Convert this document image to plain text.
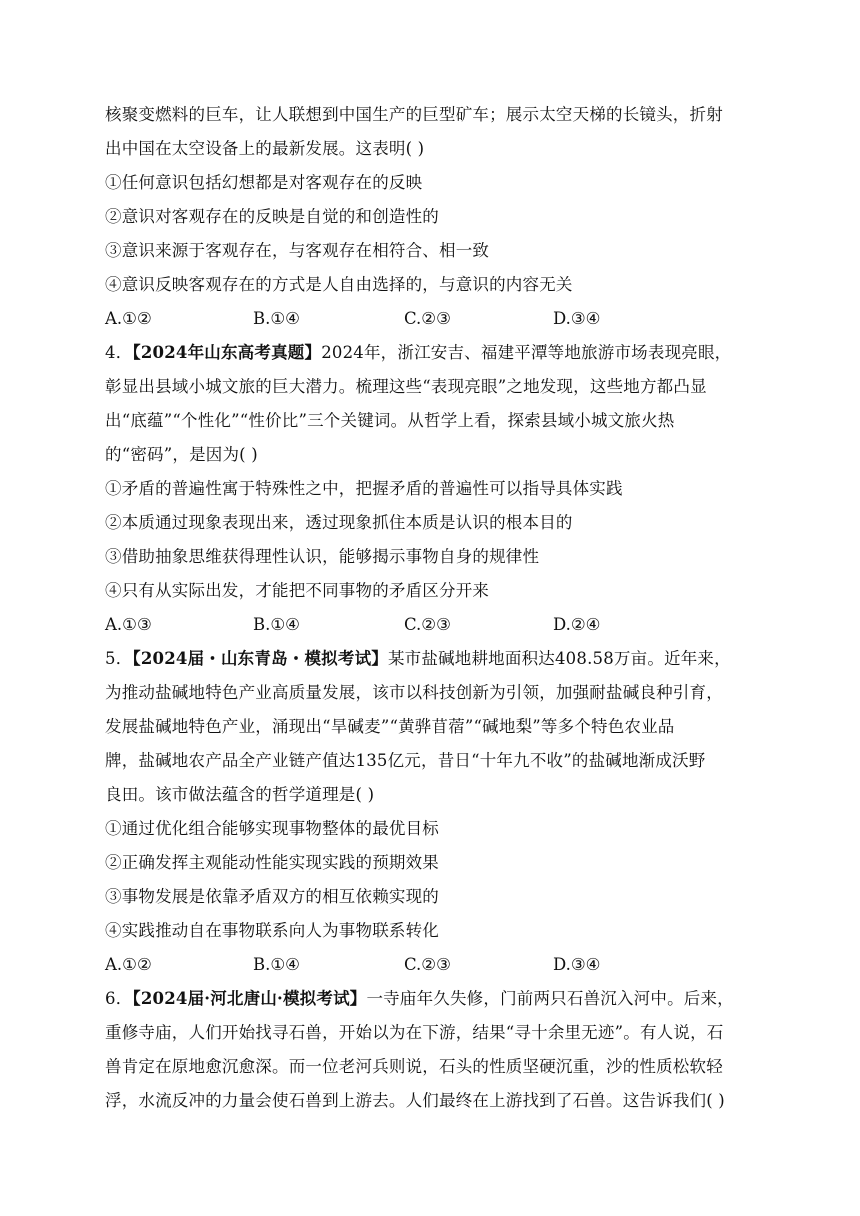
核聚变燃料的巨车，让人联想到中国生产的巨型矿车；展示太空天梯的长镜头，折射
出中国在太空设备上的最新发展。这表明( )
①任何意识包括幻想都是对客观存在的反映
②意识对客观存在的反映是自觉的和创造性的
③意识来源于客观存在，与客观存在相符合、相一致
④意识反映客观存在的方式是人自由选择的，与意识的内容无关
A.①②	B.①④	C.②③	D.③④
4．【2024年山东高考真题】2024年，浙江安吉、福建平潭等地旅游市场表现亮眼，
彰显出县域小城文旅的巨大潜力。梳理这些“表现亮眼”之地发现，这些地方都凸显
出“底蕴”“个性化”“性价比”三个关键词。从哲学上看，探索县域小城文旅火热
的“密码”，是因为( )
①矛盾的普遍性寓于特殊性之中，把握矛盾的普遍性可以指导具体实践
②本质通过现象表现出来，透过现象抓住本质是认识的根本目的
③借助抽象思维获得理性认识，能够揭示事物自身的规律性
④只有从实际出发，才能把不同事物的矛盾区分开来
A.①③	B.①④	C.②③	D.②④
5．【2024届・山东青岛・模拟考试】某市盐碱地耕地面积达408.58万亩。近年来，
为推动盐碱地特色产业高质量发展，该市以科技创新为引领，加强耐盐碱良种引育，
发展盐碱地特色产业，涌现出“旱碱麦”“黄骅苜蓿”“碱地梨”等多个特色农业品
牌，盐碱地农产品全产业链产值达135亿元，昔日“十年九不收”的盐碱地渐成沃野
良田。该市做法蕴含的哲学道理是( )
①通过优化组合能够实现事物整体的最优目标
②正确发挥主观能动性能实现实践的预期效果
③事物发展是依靠矛盾双方的相互依赖实现的
④实践推动自在事物联系向人为事物联系转化
A.①②	B.①④	C.②③	D.③④
6．【2024届·河北唐山·模拟考试】一寺庙年久失修，门前两只石兽沉入河中。后来，
重修寺庙，人们开始找寻石兽，开始以为在下游，结果“寻十余里无迹”。有人说，石
兽肯定在原地愈沉愈深。而一位老河兵则说，石头的性质坚硬沉重，沙的性质松软轻
浮，水流反冲的力量会使石兽到上游去。人们最终在上游找到了石兽。这告诉我们( )
